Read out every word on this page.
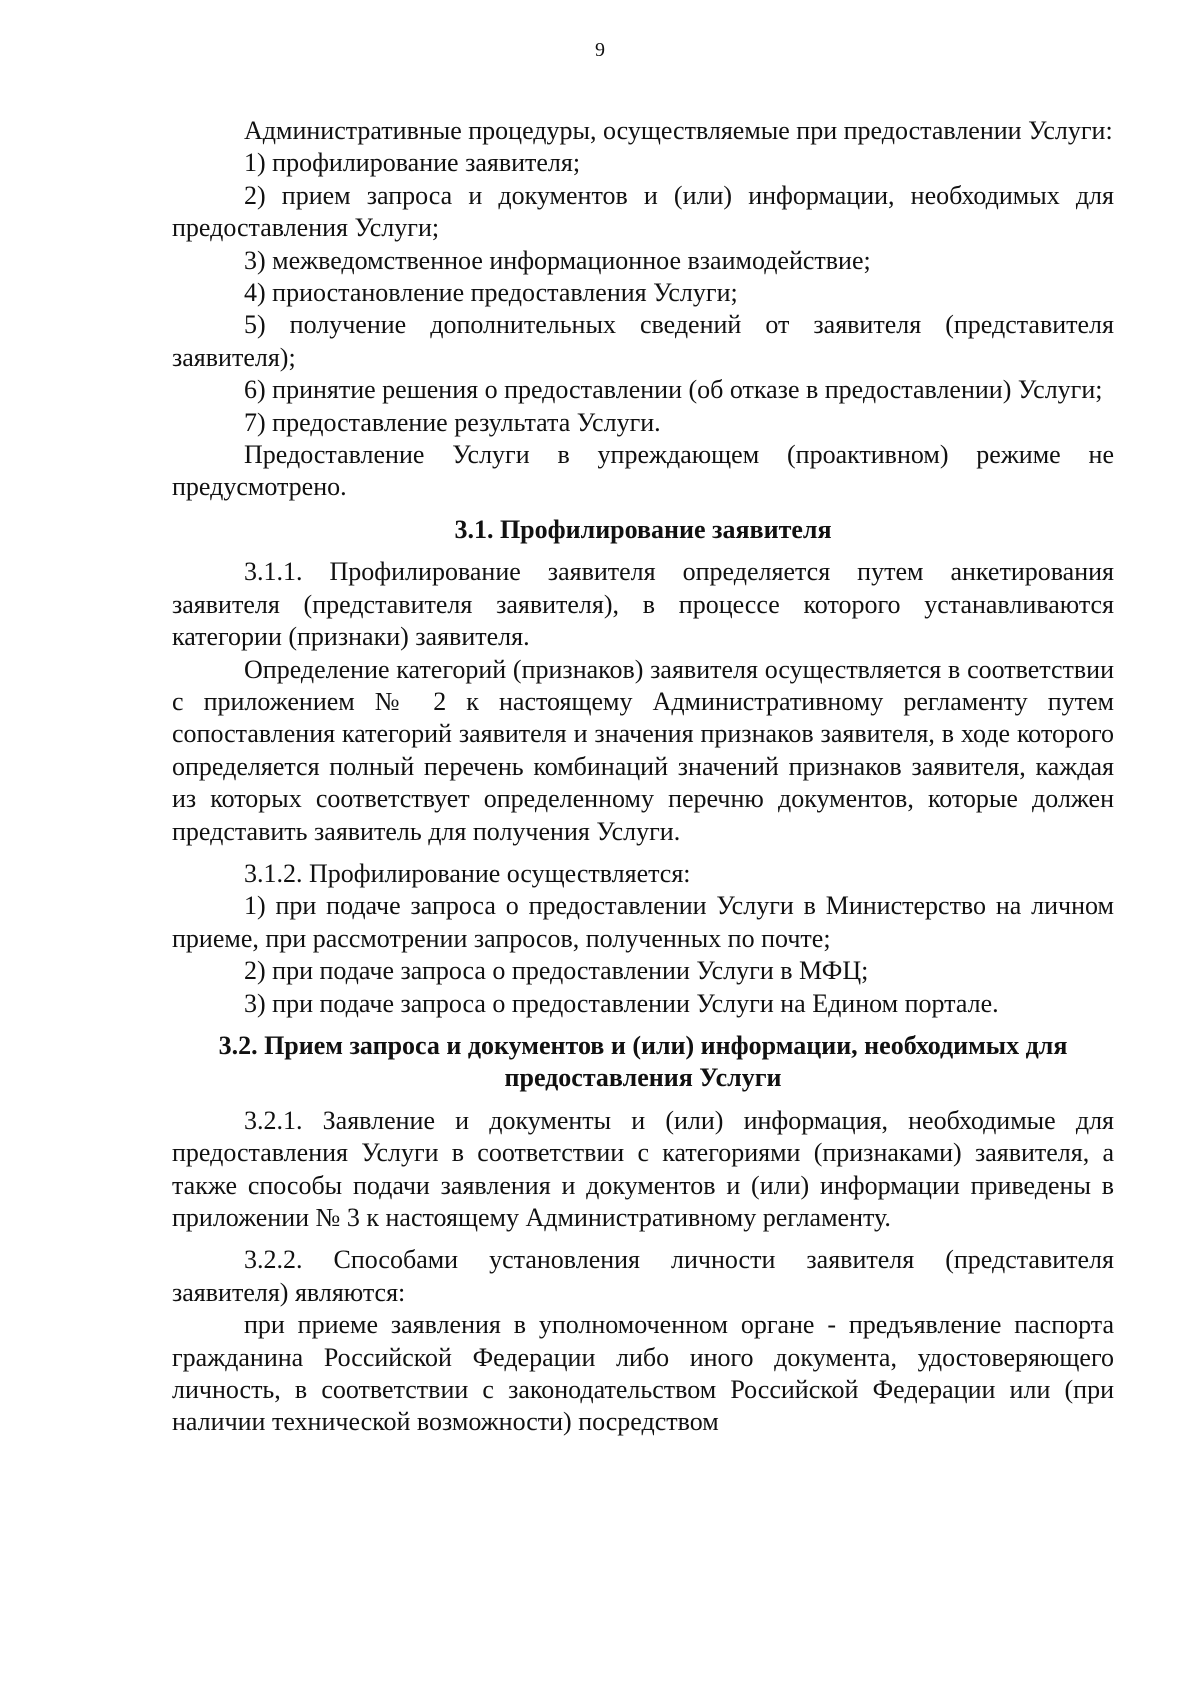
9

Административные процедуры, осуществляемые при предоставлении Услуги:

1) профилирование заявителя;

2) прием запроса и документов и (или) информации, необходимых для предоставления Услуги;

3) межведомственное информационное взаимодействие;

4) приостановление предоставления Услуги;

5) получение дополнительных сведений от заявителя (представителя заявителя);

6) принятие решения о предоставлении (об отказе в предоставлении) Услуги;

7) предоставление результата Услуги.

Предоставление Услуги в упреждающем (проактивном) режиме не предусмотрено.

3.1. Профилирование заявителя

3.1.1. Профилирование заявителя определяется путем анкетирования заявителя (представителя заявителя), в процессе которого устанавливаются категории (признаки) заявителя.

Определение категорий (признаков) заявителя осуществляется в соответствии с приложением № 2 к настоящему Административному регламенту путем сопоставления категорий заявителя и значения признаков заявителя, в ходе которого определяется полный перечень комбинаций значений признаков заявителя, каждая из которых соответствует определенному перечню документов, которые должен представить заявитель для получения Услуги.

3.1.2. Профилирование осуществляется:

1) при подаче запроса о предоставлении Услуги в Министерство на личном приеме, при рассмотрении запросов, полученных по почте;

2) при подаче запроса о предоставлении Услуги в МФЦ;

3) при подаче запроса о предоставлении Услуги на Едином портале.

3.2. Прием запроса и документов и (или) информации, необходимых для предоставления Услуги

3.2.1. Заявление и документы и (или) информация, необходимые для предоставления Услуги в соответствии с категориями (признаками) заявителя, а также способы подачи заявления и документов и (или) информации приведены в приложении № 3 к настоящему Административному регламенту.

3.2.2. Способами установления личности заявителя (представителя заявителя) являются:

при приеме заявления в уполномоченном органе - предъявление паспорта гражданина Российской Федерации либо иного документа, удостоверяющего личность, в соответствии с законодательством Российской Федерации или (при наличии технической возможности) посредством
